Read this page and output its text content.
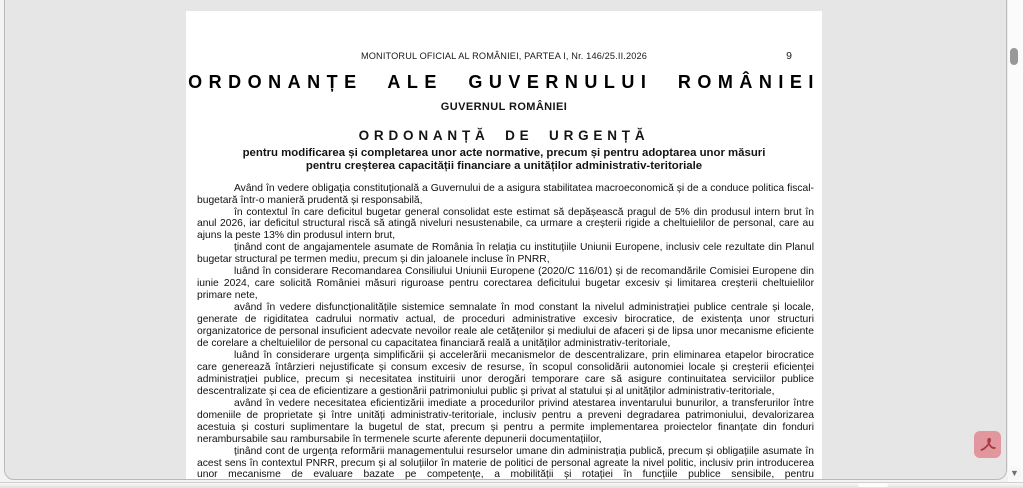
MONITORUL OFICIAL AL ROMÂNIEI, PARTEA I, Nr. 146/25.II.2026	9
ORDONANȚE ALE GUVERNULUI ROMÂNIEI
GUVERNUL ROMÂNIEI
ORDONANȚĂ DE URGENȚĂ
pentru modificarea și completarea unor acte normative, precum și pentru adoptarea unor măsuri
pentru creșterea capacității financiare a unităților administrativ-teritoriale

Având în vedere obligația constituțională a Guvernului de a asigura stabilitatea macroeconomică și de a conduce politica fiscal-bugetară într-o manieră prudentă și responsabilă,

în contextul în care deficitul bugetar general consolidat este estimat să depășească pragul de 5% din produsul intern brut în anul 2026, iar deficitul structural riscă să atingă niveluri nesustenabile, ca urmare a creșterii rigide a cheltuielilor de personal, care au ajuns la peste 13% din produsul intern brut,

ținând cont de angajamentele asumate de România în relația cu instituțiile Uniunii Europene, inclusiv cele rezultate din Planul bugetar structural pe termen mediu, precum și din jaloanele incluse în PNRR,

luând în considerare Recomandarea Consiliului Uniunii Europene (2020/C 116/01) și de recomandările Comisiei Europene din iunie 2024, care solicită României măsuri riguroase pentru corectarea deficitului bugetar excesiv și limitarea creșterii cheltuielilor primare nete,

având în vedere disfuncționalitățile sistemice semnalate în mod constant la nivelul administrației publice centrale și locale, generate de rigiditatea cadrului normativ actual, de proceduri administrative excesiv birocratice, de existența unor structuri organizatorice de personal insuficient adecvate nevoilor reale ale cetățenilor și mediului de afaceri și de lipsa unor mecanisme eficiente de corelare a cheltuielilor de personal cu capacitatea financiară reală a unităților administrativ-teritoriale,

luând în considerare urgența simplificării și accelerării mecanismelor de descentralizare, prin eliminarea etapelor birocratice care generează întârzieri nejustificate și consum excesiv de resurse, în scopul consolidării autonomiei locale și creșterii eficienței administrației publice, precum și necesitatea instituirii unor derogări temporare care să asigure continuitatea serviciilor publice descentralizate și cea de eficientizare a gestionării patrimoniului public și privat al statului și al unităților administrativ-teritoriale,

având în vedere necesitatea eficientizării imediate a procedurilor privind atestarea inventarului bunurilor, a transferurilor între domeniile de proprietate și între unități administrativ-teritoriale, inclusiv pentru a preveni degradarea patrimoniului, devalorizarea acestuia și costuri suplimentare la bugetul de stat, precum și pentru a permite implementarea proiectelor finanțate din fonduri nerambursabile sau rambursabile în termenele scurte aferente depunerii documentațiilor,

ținând cont de urgența reformării managementului resurselor umane din administrația publică, precum și obligațiile asumate în acest sens în contextul PNRR, precum și al soluțiilor în materie de politici de personal agreate la nivel politic, inclusiv prin introducerea unor mecanisme de evaluare bazate pe competențe, a mobilității și rotației în funcțiile publice sensibile, pentru	▼
